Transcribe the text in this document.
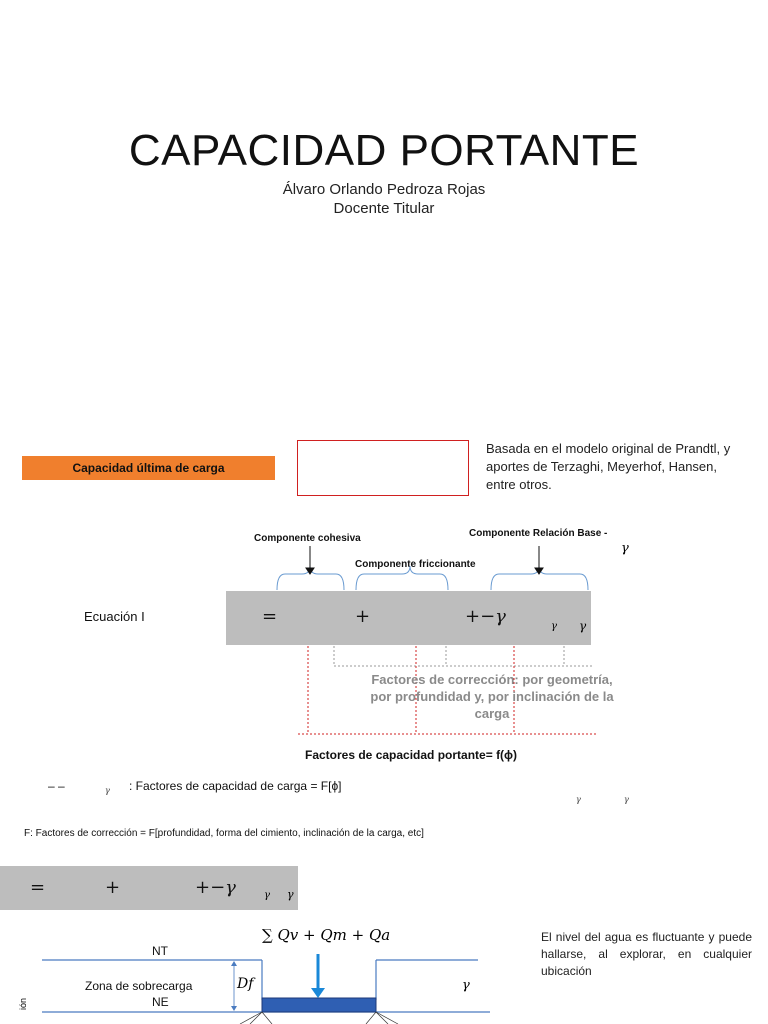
CAPACIDAD PORTANTE
Álvaro Orlando Pedroza Rojas
Docente Titular
Capacidad última de carga
Basada en el modelo original de Prandtl, y aportes de Terzaghi, Meyerhof, Hansen, entre otros.
Componente cohesiva
Componente friccionante
Componente Relación Base -
γ
Ecuación I	=	+	+−γ	γ γ
Factores de corrección: por geometría, por profundidad y, por inclinación de la carga
Factores de capacidad portante= f(ϕ)
– –	γ : Factores de capacidad de carga = F[ϕ]
γ	γ
F: Factores de corrección = F[profundidad, forma del cimiento, inclinación de la carga, etc]
=	+	+−γ	γ γ
∑ Qv + Qm + Qa
NT
Zona de sobrecarga
NE
Df	γ
ión
El nivel del agua es fluctuante y puede hallarse, al explorar, en cualquier ubicación
